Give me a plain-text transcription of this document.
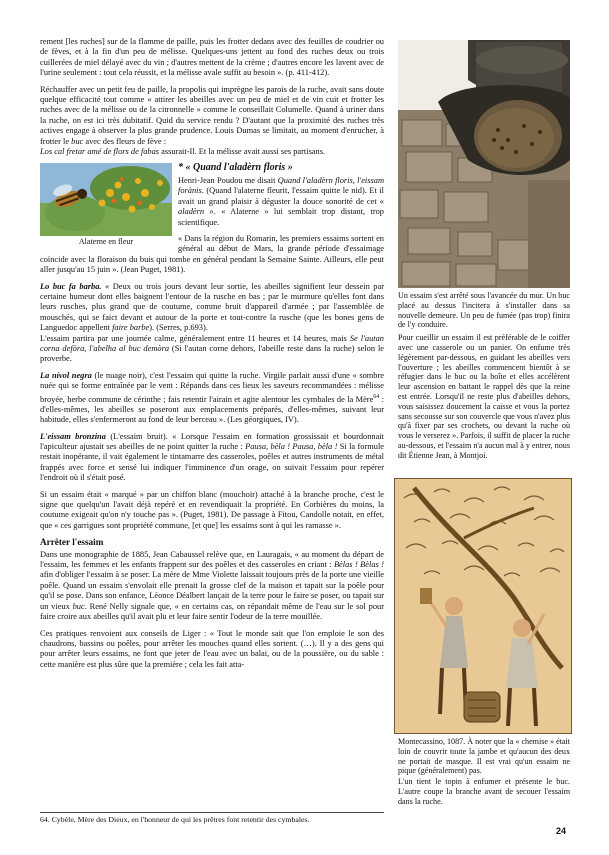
rement [les ruches] sur de la flamme de paille, puis les frotter dedans avec des feuilles de coudrier ou de fèves, et à la fin d'un peu de mélisse. Quelques-uns jettent au fond des ruches deux ou trois cuillerées de miel délayé avec du vin ; d'autres mettent de la crème ; d'autres encore les lavent avec de l'urine seulement : tout cela réussit, et la mélisse avale suffit au besoin ». (p. 411-412).

Réchauffer avec un petit feu de paille, la propolis qui imprègne les parois de la ruche, avait sans doute quelque efficacité tout comme « attirer les abeilles avec un peu de miel et de vin cuit et frotter les ruches avec de la mélisse ou de la citronnelle » comme le conseillait Columelle. Quand à uriner dans la ruche, on est ici très dubitatif. Quid du service rendu ? D'autant que la proximité des ruches très actives engage à observer la plus grande prudence. Louis Dumas se limitait, au moment d'enrucher, à frotter le buc avec des fleurs de fève :
Los cal fretar amé de flors de fabas assurait-Il. Et la mélisse avait aussi ses partisans.

Alaterne en fleur
* « Quand l'aladèrn floris »

Henri-Jean Poudou me disait Quand l'aladèrn floris, l'eissam forànis. (Quand l'alaterne fleurit, l'essaim quitte le nid). Et il avait un grand plaisir à déguster la douce sonorité de cet « aladèrn ». « Alaterne » lui semblait trop distant, trop scientifique.

« Dans la région du Romarin, les premiers essaims sortent en général au début de Mars, la grande période d'essaimage coïncide avec la floraison du buis qui tombe en général pendant la Semaine Sainte. Ailleurs, elle peut aller jusqu'au 15 juin ». (Jean Puget, 1981).

Lo buc fa barba. « Deux ou trois jours devant leur sortie, les abeilles signifient leur dessein par certaine humeur dont elles baignent l'entour de la rusche en bas ; par le murmure qu'elles font dans leurs rusches, plus grand que de coutume, comme bruit d'appareil d'armée ; par l'assemblée de mouschés, qui se faict devant et autour de la porte et tout-contre la rusche (que les bones gens de Languedoc appellent faire barbe). (Serres, p.693).
L'essaim partira par une journée calme, généralement entre 11 heures et 14 heures, mais Se l'autan corna defòra, l'abelha al buc demòra (Si l'autan corne dehors, l'abeille reste dans la ruche) selon le proverbe.

La nívol negra (le nuage noir), c'est l'essaim qui quitte la ruche. Virgile parlait aussi d'une « sombre nuée qui se forme entraînée par le vent : Répands dans ces lieux les saveurs recommandées : mélisse broyée, herbe commune de cérinthe ; fais retentir l'airain et agite alentour les cymbales de la Mère$^{64}$ : d'elles-mêmes, les abeilles se poseront aux emplacements préparés, d'elles-mêmes, suivant leur habitude, elles s'enfermeront au fond de leur berceau ». (Les géorgiques, IV).

L'eissam bronzina (L'essaim bruit). « Lorsque l'essaim en formation grossissait et bourdonnait l'apiculteur ajustait ses abeilles de ne point quitter la ruche : Pausa, bèla ! Pausa, bèla ! Si la formule restait inopérante, il vait également le tintamarre des casseroles, poêles et autres instruments de métal frappés avec force et sensé lui indiquer l'imminence d'un orage, on suivait l'essaim pour repérer l'endroit où il s'était posé.

Si un essaim était « marqué » par un chiffon blanc (mouchoir) attaché à la branche proche, c'est le signe que quelqu'un l'avait déjà repéré et en revendiquait la propriété. En Corbières du moins, la coutume exigeait qu'on n'y touche pas ». (Puget, 1981). De passage à Fitou, Candolle notait, en effet, que « ces garrigues sont propriété commune, [et que] les essaims sont à qui les ramasse ».

Arrêter l'essaim

Dans une monographie de 1885, Jean Cabaussel relève que, en Lauragais, « au moment du départ de l'essaim, les femmes et les enfants frappent sur des poêles et des casseroles en criant : Bèlas ! Bèlas ! afin d'obliger l'essaim à se poser. La mère de Mme Violette laissait toujours près de la porte une vieille poêle. Quand un essaim s'envolait elle prenait la grosse clef de la maison et tapait sur la poêle pour qu'il se pose. Dans son enfance, Léonce Déalbert lançait de la terre pour le faire se poser, ou tapait sur un vieux buc. René Nelly signale que, « en certains cas, on répandait même de l'eau sur le sol pour faire croire aux abeilles qu'il avait plu et leur faire sentir l'odeur de la terre mouillée.

Ces pratiques renvoient aux conseils de Liger : « Tout le monde sait que l'on emploie le son des chaudrons, bassins ou poêles, pour arrêter les mouches quand elles sortent. (…). Il y a des gens qui pour arrêter leurs essaims, ne font que jeter de l'eau avec un balai, ou de la poussière, ou du sable : cette manière est plus sûre que la première ; cela les fait atta-

64. Cybèle, Mère des Dieux, en l'honneur de qui les prêtres font retentir des cymbales.
24

Un essaim s'est arrêté sous l'avancée du mur. Un buc placé au dessus l'incitera à s'installer dans sa nouvelle demeure. Un peu de fumée (pas trop) finira de l'y conduire.

Pour cueillir un essaim il est préférable de le coiffer avec une casserole ou un panier. On enfume très légèrement par-dessous, en guidant les abeilles vers l'ouverture ; les abeilles commencent bientôt à se réfugier dans le buc ou la boîte et elles accélèrent leur ascension en battant le rappel dès que la reine est entrée. Lorsqu'il ne reste plus d'abeilles dehors, vous saisissez doucement la caisse et vous la portez sans secousse sur son couvercle que vous n'avez plus qu'à fixer par ses crochets, ou devant la ruche où vous le verserez ». Parfois, il suffit de placer la ruche au-dessous, et l'essaim n'a aucun mal à y entrer, nous dit Étienne Jean, à Montjoi.

Montecassino, 1087. À noter que la « chemise » était loin de couvrir toute la jambe et qu'aucun des deux ne portait de masque. Il est vrai qu'un essaim ne pique (généralement) pas.

L'un tient le topin à enfumer et présente le buc. L'autre coupe la branche avant de secouer l'essaim dans la ruche.
